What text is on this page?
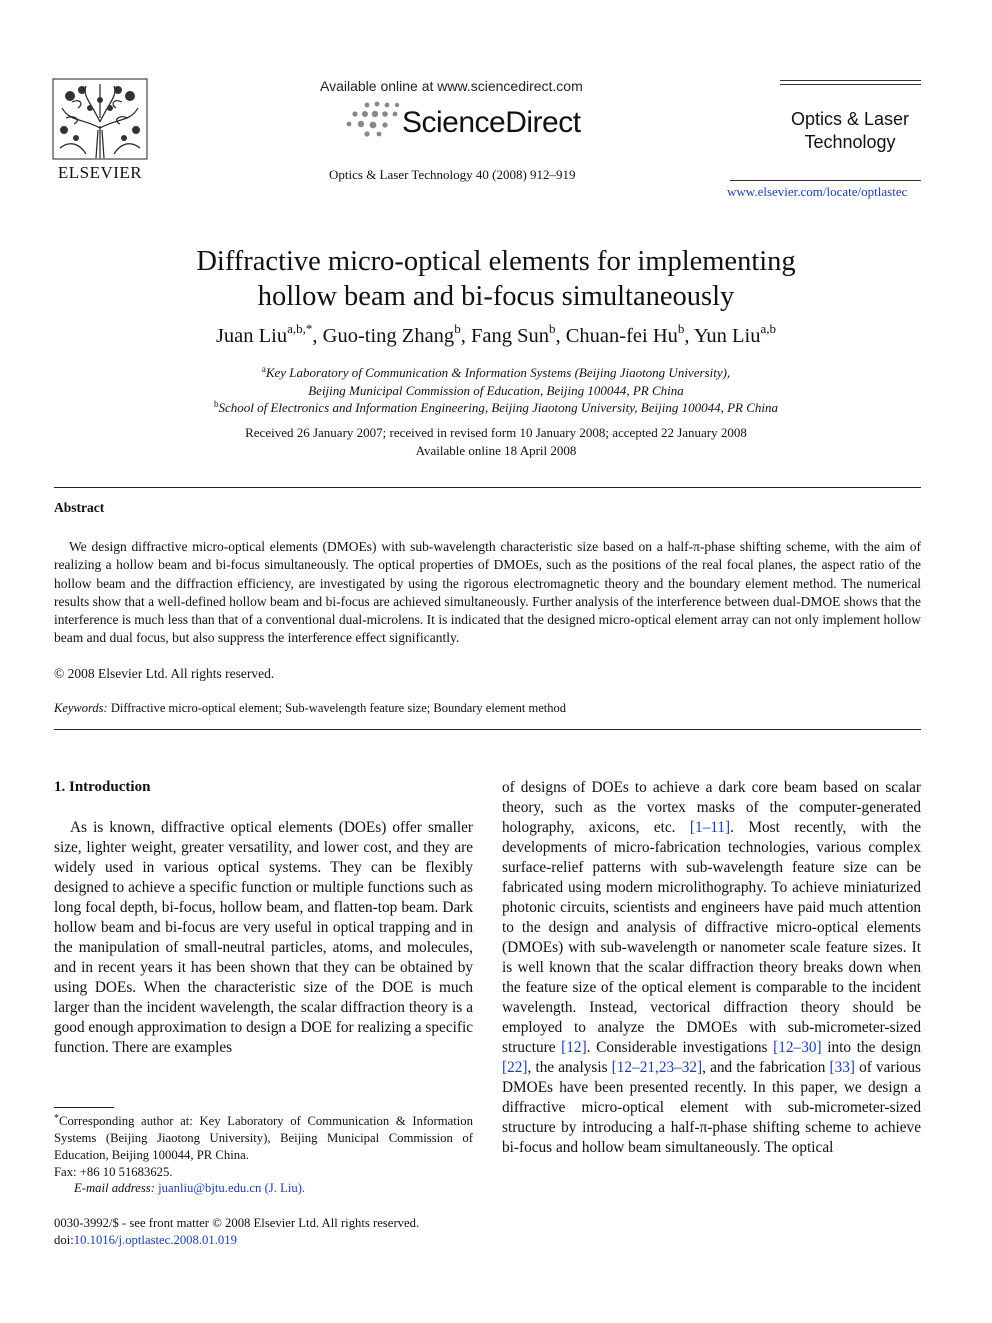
ELSEVIER
Available online at www.sciencedirect.com
ScienceDirect
Optics & Laser Technology 40 (2008) 912–919
Optics & Laser
Technology
www.elsevier.com/locate/optlastec
Diffractive micro-optical elements for implementing
hollow beam and bi-focus simultaneously
Juan Liu$^{a,b,*}$, Guo-ting Zhang$^b$, Fang Sun$^b$, Chuan-fei Hu$^b$, Yun Liu$^{a,b}$
$^a$Key Laboratory of Communication & Information Systems (Beijing Jiaotong University),
Beijing Municipal Commission of Education, Beijing 100044, PR China
$^b$School of Electronics and Information Engineering, Beijing Jiaotong University, Beijing 100044, PR China
Received 26 January 2007; received in revised form 10 January 2008; accepted 22 January 2008
Available online 18 April 2008
Abstract
We design diffractive micro-optical elements (DMOEs) with sub-wavelength characteristic size based on a half-π-phase shifting scheme, with the aim of realizing a hollow beam and bi-focus simultaneously. The optical properties of DMOEs, such as the positions of the real focal planes, the aspect ratio of the hollow beam and the diffraction efficiency, are investigated by using the rigorous electromagnetic theory and the boundary element method. The numerical results show that a well-defined hollow beam and bi-focus are achieved simultaneously. Further analysis of the interference between dual-DMOE shows that the interference is much less than that of a conventional dual-microlens. It is indicated that the designed micro-optical element array can not only implement hollow beam and dual focus, but also suppress the interference effect significantly.
© 2008 Elsevier Ltd. All rights reserved.
Keywords: Diffractive micro-optical element; Sub-wavelength feature size; Boundary element method
1. Introduction
As is known, diffractive optical elements (DOEs) offer smaller size, lighter weight, greater versatility, and lower cost, and they are widely used in various optical systems. They can be flexibly designed to achieve a specific function or multiple functions such as long focal depth, bi-focus, hollow beam, and flatten-top beam. Dark hollow beam and bi-focus are very useful in optical trapping and in the manipulation of small-neutral particles, atoms, and molecules, and in recent years it has been shown that they can be obtained by using DOEs. When the characteristic size of the DOE is much larger than the incident wavelength, the scalar diffraction theory is a good enough approximation to design a DOE for realizing a specific function. There are examples
of designs of DOEs to achieve a dark core beam based on scalar theory, such as the vortex masks of the computer-generated holography, axicons, etc. [1–11]. Most recently, with the developments of micro-fabrication technologies, various complex surface-relief patterns with sub-wavelength feature size can be fabricated using modern microlithography. To achieve miniaturized photonic circuits, scientists and engineers have paid much attention to the design and analysis of diffractive micro-optical elements (DMOEs) with sub-wavelength or nanometer scale feature sizes. It is well known that the scalar diffraction theory breaks down when the feature size of the optical element is comparable to the incident wavelength. Instead, vectorical diffraction theory should be employed to analyze the DMOEs with sub-micrometer-sized structure [12]. Considerable investigations [12–30] into the design [22], the analysis [12–21,23–32], and the fabrication [33] of various DMOEs have been presented recently. In this paper, we design a diffractive micro-optical element with sub-micrometer-sized structure by introducing a half-π-phase shifting scheme to achieve bi-focus and hollow beam simultaneously. The optical
*Corresponding author at: Key Laboratory of Communication & Information Systems (Beijing Jiaotong University), Beijing Municipal Commission of Education, Beijing 100044, PR China.
Fax: +86 10 51683625.
E-mail address: juanliu@bjtu.edu.cn (J. Liu).
0030-3992/$ - see front matter © 2008 Elsevier Ltd. All rights reserved.
doi:10.1016/j.optlastec.2008.01.019
